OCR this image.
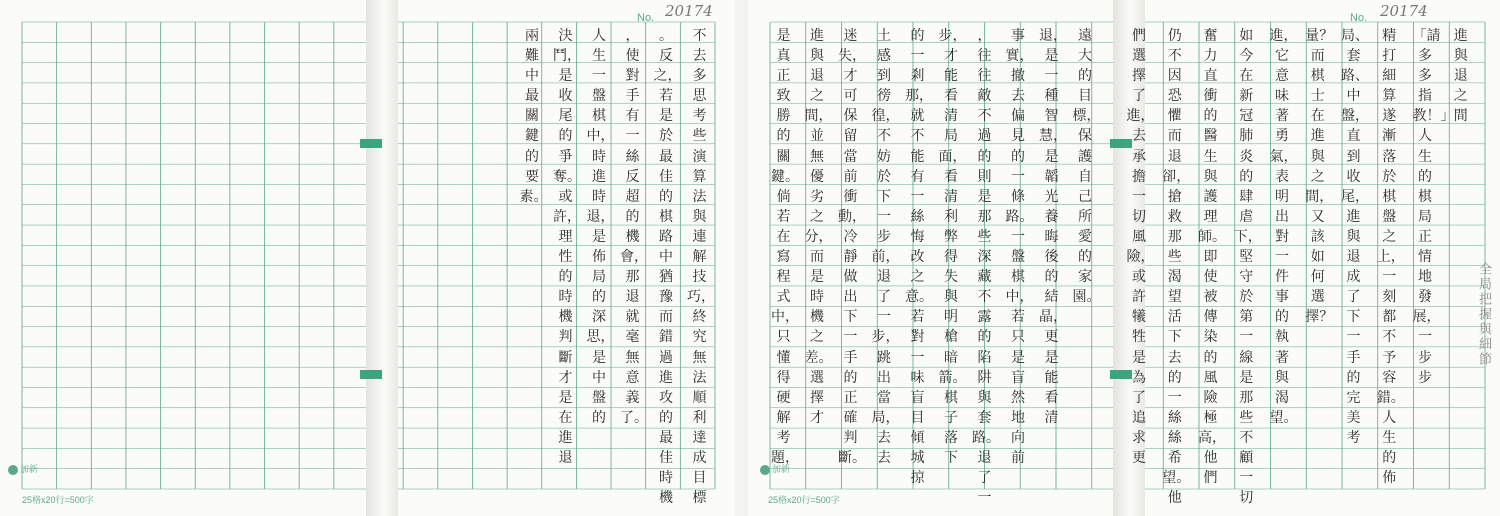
No. 20174
加新
25格x20行=500字
No. 20174
加新
25格x20行=500字
進與退之間
「請多多指教！」人生的棋局正情地發展，一步步
精打細算遂漸落於棋盤之上，一刻都不予容錯。人生的佈
局、套路、中盤，直到收尾，進與退成了下一手的完美考
量？而棋士在進與之間，又該如何選擇？
進，它意味著勇氣，表明出對一件事的執著與渴望。
如今在新冠肺炎的肆虐下，堅守於第一線是那些不顧一切
奮力直衝的醫生與護理師。即使被傳染的風險極高，他們
仍不因恐懼而退卻，搶救那些渴望活下去的一絲絲希望。他
們選擇了進，去承擔一切風險，或許犧牲是為了追求更
遠大的目標，保護自己所愛的家園。
退，是一種智慧，是韜光養晦後的結晶，更是能看清
事實，撤去偏見的一條路。一盤棋中，若只是盲然地向前
，往往敵不過的則是那些深藏不露的陷阱與套路。退了一
步，才能看清局面，看清利弊得失與明槍暗箭。棋子落下
的一剎那，就不能有一絲悔改之意。若對一味盲目傾城掠
土感到徬徨，不妨於下一步前，退了一步，跳出當局，去去
迷失，才可保留當前衝動，冷靜做出下一手的正確判斷。
進與退之間，並無優劣之分，而是時機之差。選擇才
是真正致勝的關鍵。倘若在寫程式中，只懂得硬解考題，
不去多思考些演算法與連解技巧，終究無法順利達成目標
。反之，若是於最佳的棋路中猶豫而錯過進攻的最佳時機
，使對手有一絲反超的機會，那退就毫無意義了。
人生一盤棋中，時進時退，是佈局的深思，是中盤的
決鬥，是收尾的爭奪。或許，理性的時機判斷才是在進退
兩難中最關鍵的要素。
全局把握與細節
